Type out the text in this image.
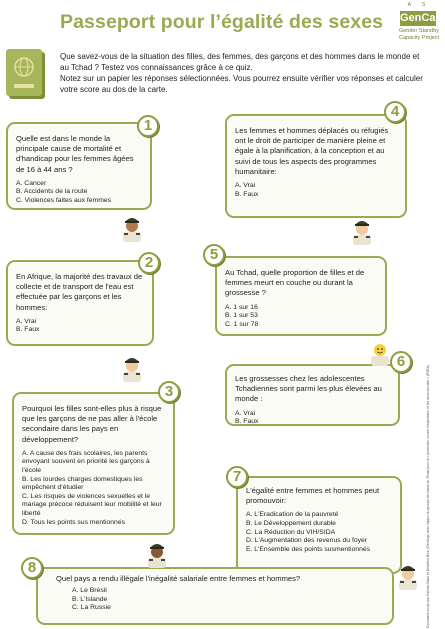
Passeport pour l’égalité des sexes
A S
GenCap
Gender Standby
Capacity Project

Que savez-vous de la situation des filles, des femmes, des garçons et des hommes dans le monde et au Tchad ? Testez vos connaissances grâce à ce quiz.

Notez sur un papier les réponses sélectionnées. Vous pourrez ensuite vérifier vos réponses et calculer votre score au dos de la carte.

Quelle est dans le monde la principale cause de mortalité et d'handicap pour les femmes âgées de 16 à 44 ans ?
A. Cancer
B. Accidents de la route
C. Violences faites aux femmes
1	Les femmes et hommes déplacés ou réfugiés ont le droit de participer de manière pleine et égale à la planification, à la conception et au suivi de tous les aspects des programmes humanitaire:
A. Vrai
B. Faux
4
En Afrique, la majorité des travaux de collecte et de transport de l'eau est effectuée par les garçons et les hommes:
A. Vrai
B. Faux
2
Au Tchad, quelle proportion de filles et de femmes meurt en couche ou durant la grossesse ?
A. 1 sur 16
B. 1 sur 53
C. 1 sur 78
5
Les grossesses chez les adolescentes Tchadiennes sont parmi les plus élevées au monde :
A. Vrai
B. Faux
6
Pourquoi les filles sont-elles plus à risque que les garçons de ne pas aller à l'école secondaire dans les pays en développement?
A. A cause des frais scolaires, les parents envoyant souvent en priorité les garçons à l'école
B. Les lourdes charges domestiques les empêchent d'étudier
C. Les risques de violences sexuelles et le mariage précoce réduisent leur mobilité et leur liberté
D. Tous les points sus mentionnés
3
L'égalité entre femmes et hommes peut promouvoir:
A. L'Eradication de la pauvreté
B. Le Développement durable
C. La Réduction du VIH/SIDA
D. L'Augmentation des revenus du foyer
E. L'Ensemble des points susmentionnés
7
Quel pays a rendu illégale l'inégalité salariale entre femmes et hommes?
A. Le Brésil
B. L'Islande
C. La Russie
8	Document conçu par Fatima Saiaz et Delphine Brun (GenCap) avec l'appui du groupe de travail du Tchad pour la « protection contre l'exploitation et les abus sexuels » (PSEA)
